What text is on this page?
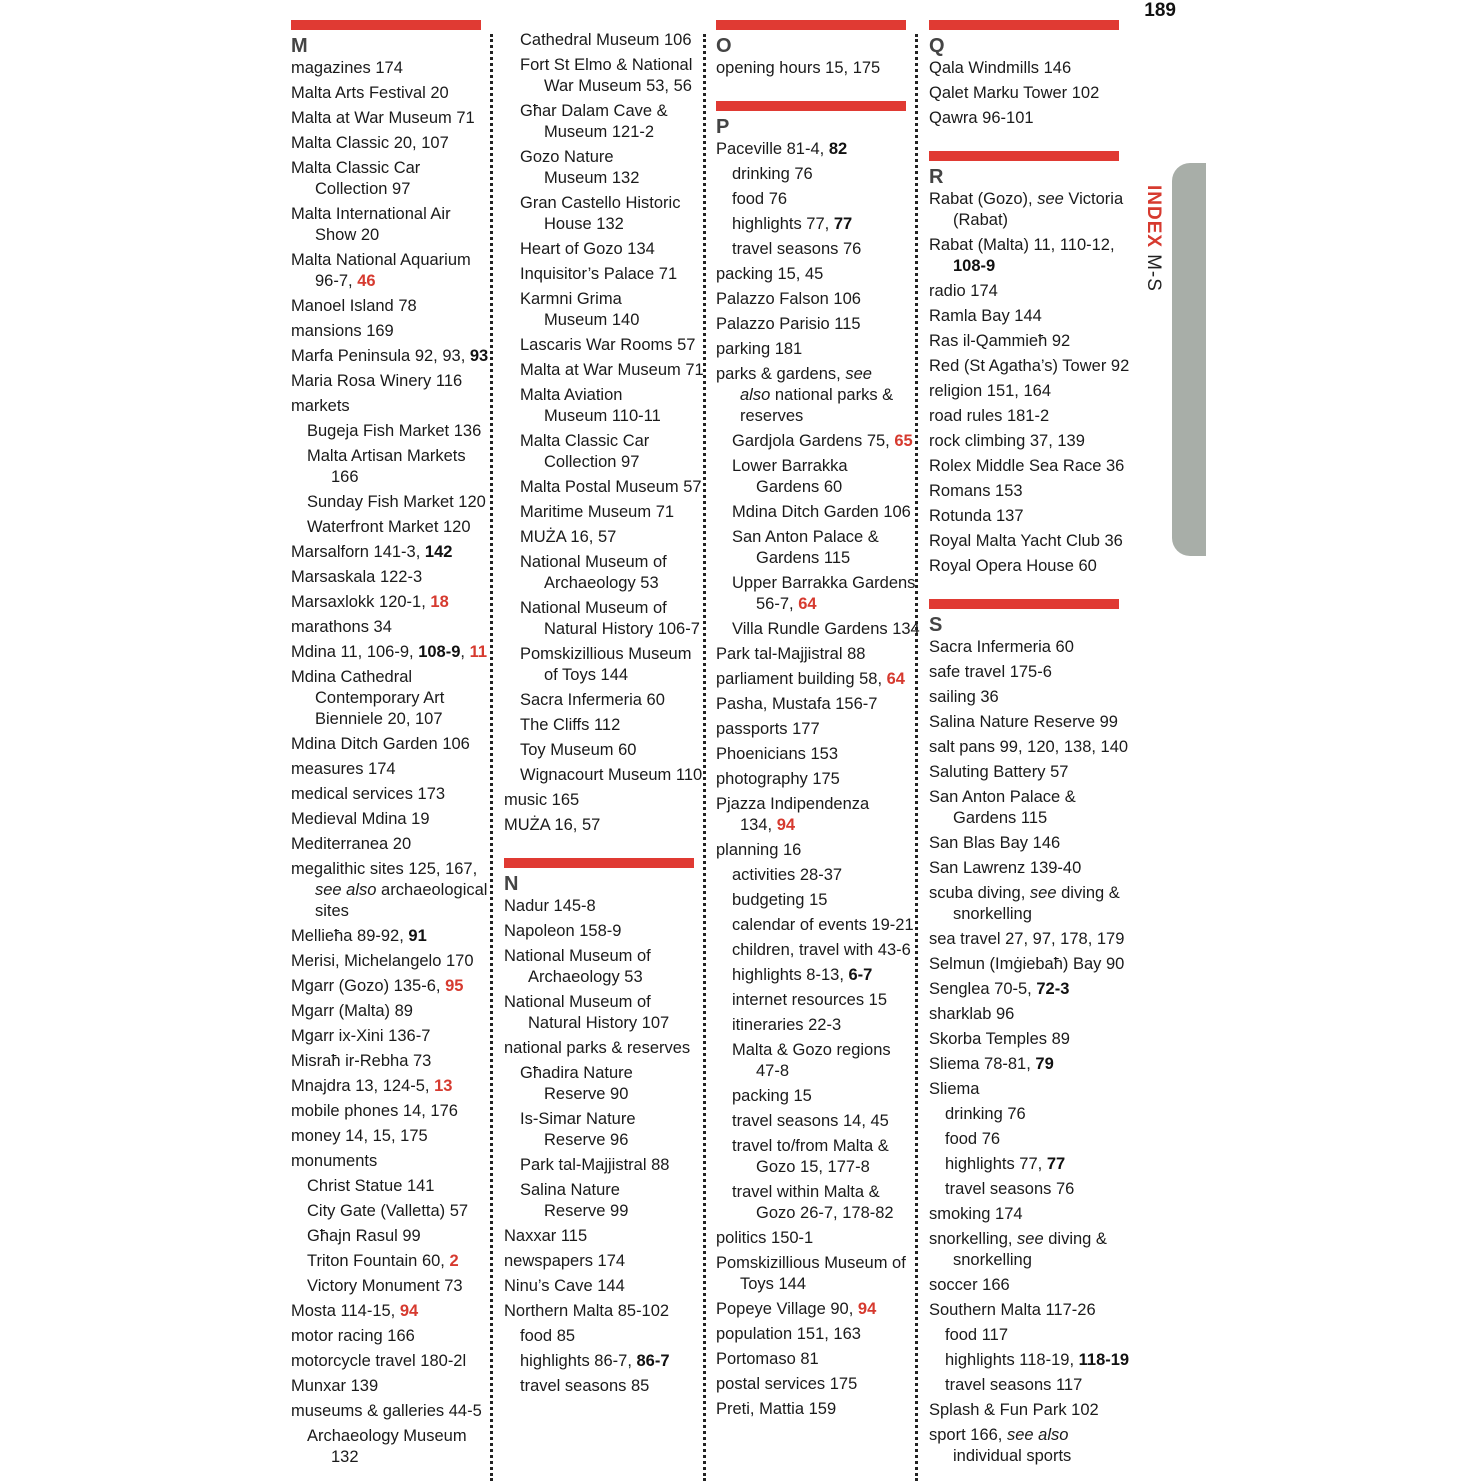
189
INDEXM-S
M
magazines 174
Malta Arts Festival 20
Malta at War Museum 71
Malta Classic 20, 107
Malta Classic Car
Collection 97
Malta International Air
Show 20
Malta National Aquarium
96-7, 46
Manoel Island 78
mansions 169
Marfa Peninsula 92, 93, 93
Maria Rosa Winery 116
markets
Bugeja Fish Market 136
Malta Artisan Markets
166
Sunday Fish Market 120
Waterfront Market 120
Marsalforn 141-3, 142
Marsaskala 122-3
Marsaxlokk 120-1, 18
marathons 34
Mdina 11, 106-9, 108-9, 11
Mdina Cathedral
Contemporary Art
Bienniele 20, 107
Mdina Ditch Garden 106
measures 174
medical services 173
Medieval Mdina 19
Mediterranea 20
megalithic sites 125, 167,
see also archaeological
sites
Mellieħa 89-92, 91
Merisi, Michelangelo 170
Mgarr (Gozo) 135-6, 95
Mgarr (Malta) 89
Mgarr ix-Xini 136-7
Misraħ ir-Rebha 73
Mnajdra 13, 124-5, 13
mobile phones 14, 176
money 14, 15, 175
monuments
Christ Statue 141
City Gate (Valletta) 57
Għajn Rasul 99
Triton Fountain 60, 2
Victory Monument 73
Mosta 114-15, 94
motor racing 166
motorcycle travel 180-2l
Munxar 139
museums & galleries 44-5
Archaeology Museum
132
Cathedral Museum 106
Fort St Elmo & National
War Museum 53, 56
Għar Dalam Cave &
Museum 121-2
Gozo Nature
Museum 132
Gran Castello Historic
House 132
Heart of Gozo 134
Inquisitor’s Palace 71
Karmni Grima
Museum 140
Lascaris War Rooms 57
Malta at War Museum 71
Malta Aviation
Museum 110-11
Malta Classic Car
Collection 97
Malta Postal Museum 57
Maritime Museum 71
MUŻA 16, 57
National Museum of
Archaeology 53
National Museum of
Natural History 106-7
Pomskizillious Museum
of Toys 144
Sacra Infermeria 60
The Cliffs 112
Toy Museum 60
Wignacourt Museum 110
music 165
MUŻA 16, 57
N
Nadur 145-8
Napoleon 158-9
National Museum of
Archaeology 53
National Museum of
Natural History 107
national parks & reserves
Għadira Nature
Reserve 90
Is-Simar Nature
Reserve 96
Park tal-Majjistral 88
Salina Nature
Reserve 99
Naxxar 115
newspapers 174
Ninu’s Cave 144
Northern Malta 85-102
food 85
highlights 86-7, 86-7
travel seasons 85
O
opening hours 15, 175
P
Paceville 81-4, 82
drinking 76
food 76
highlights 77, 77
travel seasons 76
packing 15, 45
Palazzo Falson 106
Palazzo Parisio 115
parking 181
parks & gardens, see
also national parks &
reserves
Gardjola Gardens 75, 65
Lower Barrakka
Gardens 60
Mdina Ditch Garden 106
San Anton Palace &
Gardens 115
Upper Barrakka Gardens
56-7, 64
Villa Rundle Gardens 134
Park tal-Majjistral 88
parliament building 58, 64
Pasha, Mustafa 156-7
passports 177
Phoenicians 153
photography 175
Pjazza Indipendenza
134, 94
planning 16
activities 28-37
budgeting 15
calendar of events 19-21
children, travel with 43-6
highlights 8-13, 6-7
internet resources 15
itineraries 22-3
Malta & Gozo regions
47-8
packing 15
travel seasons 14, 45
travel to/from Malta &
Gozo 15, 177-8
travel within Malta &
Gozo 26-7, 178-82
politics 150-1
Pomskizillious Museum of
Toys 144
Popeye Village 90, 94
population 151, 163
Portomaso 81
postal services 175
Preti, Mattia 159
Q
Qala Windmills 146
Qalet Marku Tower 102
Qawra 96-101
R
Rabat (Gozo), see Victoria
(Rabat)
Rabat (Malta) 11, 110-12,
108-9
radio 174
Ramla Bay 144
Ras il-Qammieħ 92
Red (St Agatha’s) Tower 92
religion 151, 164
road rules 181-2
rock climbing 37, 139
Rolex Middle Sea Race 36
Romans 153
Rotunda 137
Royal Malta Yacht Club 36
Royal Opera House 60
S
Sacra Infermeria 60
safe travel 175-6
sailing 36
Salina Nature Reserve 99
salt pans 99, 120, 138, 140
Saluting Battery 57
San Anton Palace &
Gardens 115
San Blas Bay 146
San Lawrenz 139-40
scuba diving, see diving &
snorkelling
sea travel 27, 97, 178, 179
Selmun (Imġiebaħ) Bay 90
Senglea 70-5, 72-3
sharklab 96
Skorba Temples 89
Sliema 78-81, 79
Sliema
drinking 76
food 76
highlights 77, 77
travel seasons 76
smoking 174
snorkelling, see diving &
snorkelling
soccer 166
Southern Malta 117-26
food 117
highlights 118-19, 118-19
travel seasons 117
Splash & Fun Park 102
sport 166, see also
individual sports
